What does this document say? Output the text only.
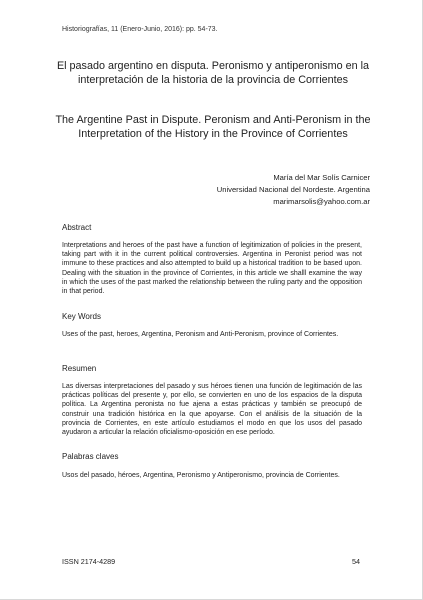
Historiografías, 11 (Enero-Junio, 2016): pp. 54-73.
El pasado argentino en disputa. Peronismo y antiperonismo en la interpretación de la historia de la provincia de Corrientes
The Argentine Past in Dispute. Peronism and Anti-Peronism in the Interpretation of the History in the Province of Corrientes
María del Mar Solís Carnicer
Universidad Nacional del Nordeste. Argentina
marimarsolis@yahoo.com.ar
Abstract

Interpretations and heroes of the past have a function of legitimization of policies in the present, taking part with it in the current political controversies. Argentina in Peronist period was not immune to these practices and also attempted to build up a historical tradition to be based upon. Dealing with the situation in the province of Corrientes, in this article we shalll examine the way in which the uses of the past marked the relationship between the ruling party and the opposition in that period.

Key Words

Uses of the past, heroes, Argentina, Peronism and Anti-Peronism, province of Corrientes.

Resumen

Las diversas interpretaciones del pasado y sus héroes tienen una función de legitimación de las prácticas políticas del presente y, por ello, se convierten en uno de los espacios de la disputa política. La Argentina peronista no fue ajena a estas prácticas y también se preocupó de construir una tradición histórica en la que apoyarse. Con el análisis de la situación de la provincia de Corrientes, en este artículo estudiamos el modo en que los usos del pasado ayudaron a articular la relación oficialismo-oposición en ese período.

Palabras claves

Usos del pasado, héroes, Argentina, Peronismo y Antiperonismo, provincia de Corrientes.

ISSN 2174-4289	54
